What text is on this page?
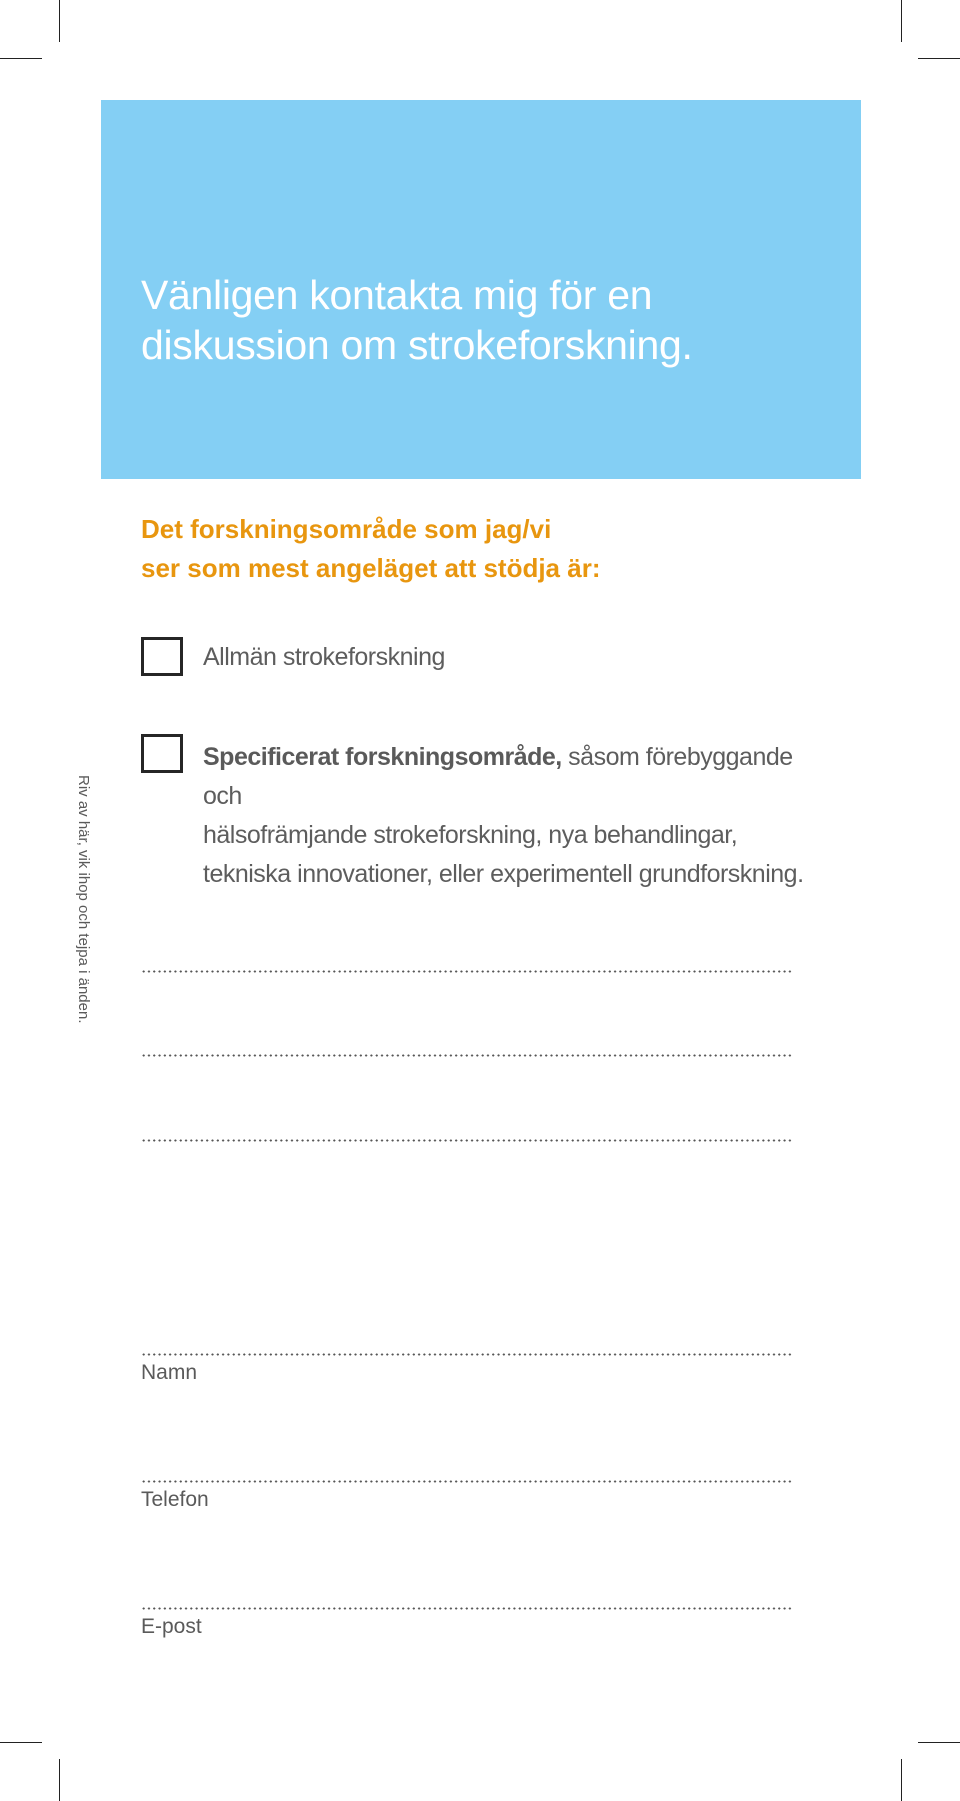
Vänligen kontakta mig för en
diskussion om strokeforskning.
Det forskningsområde som jag/vi
ser som mest angeläget att stödja är:
Allmän strokeforskning
Specificerat forskningsområde, såsom förebyggande och
hälsofrämjande strokeforskning, nya behandlingar,
tekniska innovationer, eller experimentell grundforskning.
Riv av här, vik ihop och tejpa i änden.
Namn
Telefon
E-post
